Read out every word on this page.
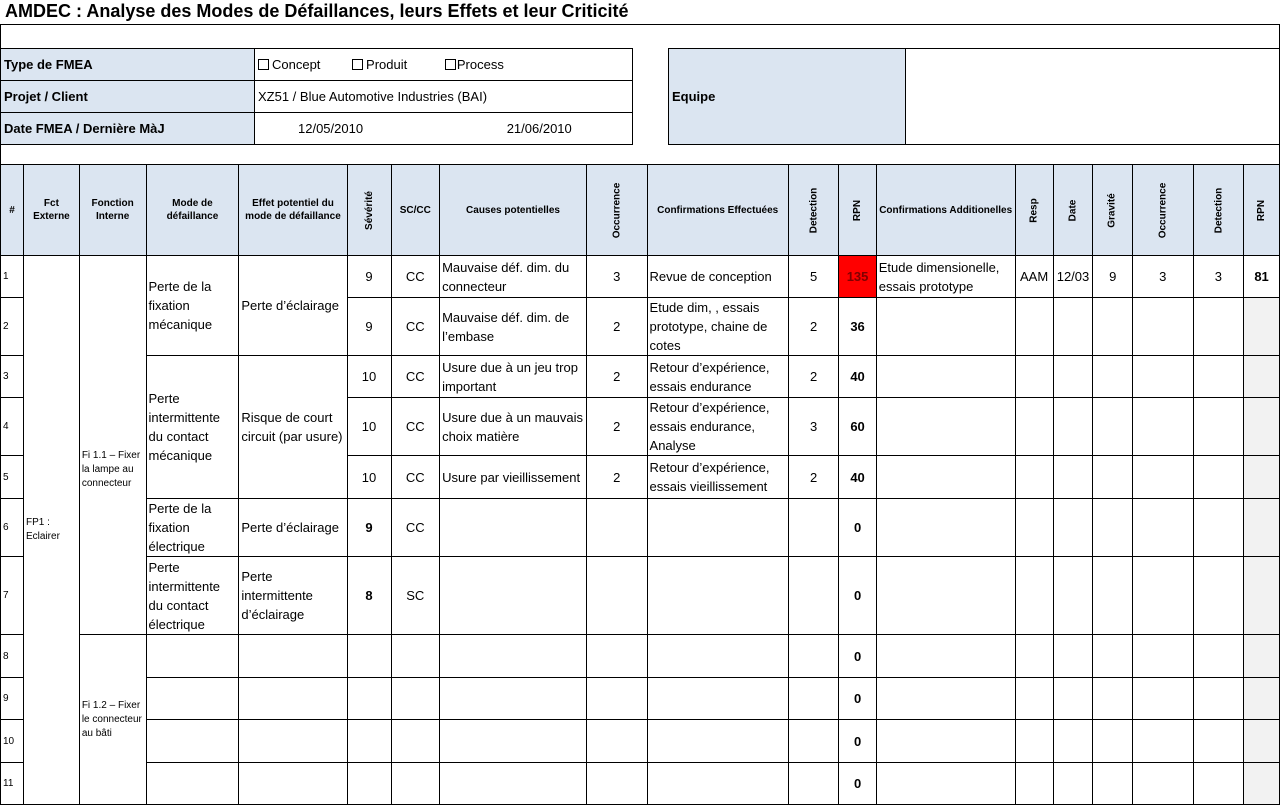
AMDEC : Analyse des Modes de Défaillances, leurs Effets et leur Criticité
Type de FMEA	Concept Produit Process
Projet / Client	XZ51 / Blue Automotive Industries (BAI)
Date FMEA / Dernière MàJ	12/05/2010 21/06/2010
Equipe	
#	Fct Externe	Fonction Interne	Mode de défaillance	Effet potentiel du mode de défaillance	Sévérité	SC/CC	Causes potentielles	Occurrence	Confirmations Effectuées	Detection	RPN	Confirmations Additionelles	Resp	Date	Gravité	Occurrence	Detection	RPN
1	FP1 : Eclairer	Fi 1.1 – Fixer la lampe au connecteur	Perte de la fixation mécanique	Perte d’éclairage	9	CC	Mauvaise déf. dim. du connecteur	3	Revue de conception	5	135	Etude dimensionelle, essais prototype	AAM	12/03	9	3	3	81
2					9	CC	Mauvaise déf. dim. de l’embase	2	Etude dim, , essais prototype, chaine de cotes	2	36							
3			Perte intermittente du contact mécanique	Risque de court circuit (par usure)	10	CC	Usure due à un jeu trop important	2	Retour d’expérience, essais endurance	2	40							
4					10	CC	Usure due à un mauvais choix matière	2	Retour d’expérience, essais endurance, Analyse	3	60							
5					10	CC	Usure par vieillissement	2	Retour d’expérience, essais vieillissement	2	40							
6			Perte de la fixation électrique	Perte d’éclairage	9	CC					0							
7			Perte intermittente du contact électrique	Perte intermittente d’éclairage	8	SC					0							
8		Fi 1.2 – Fixer le connecteur au bâti									0							
9											0							
10											0							
11											0							
